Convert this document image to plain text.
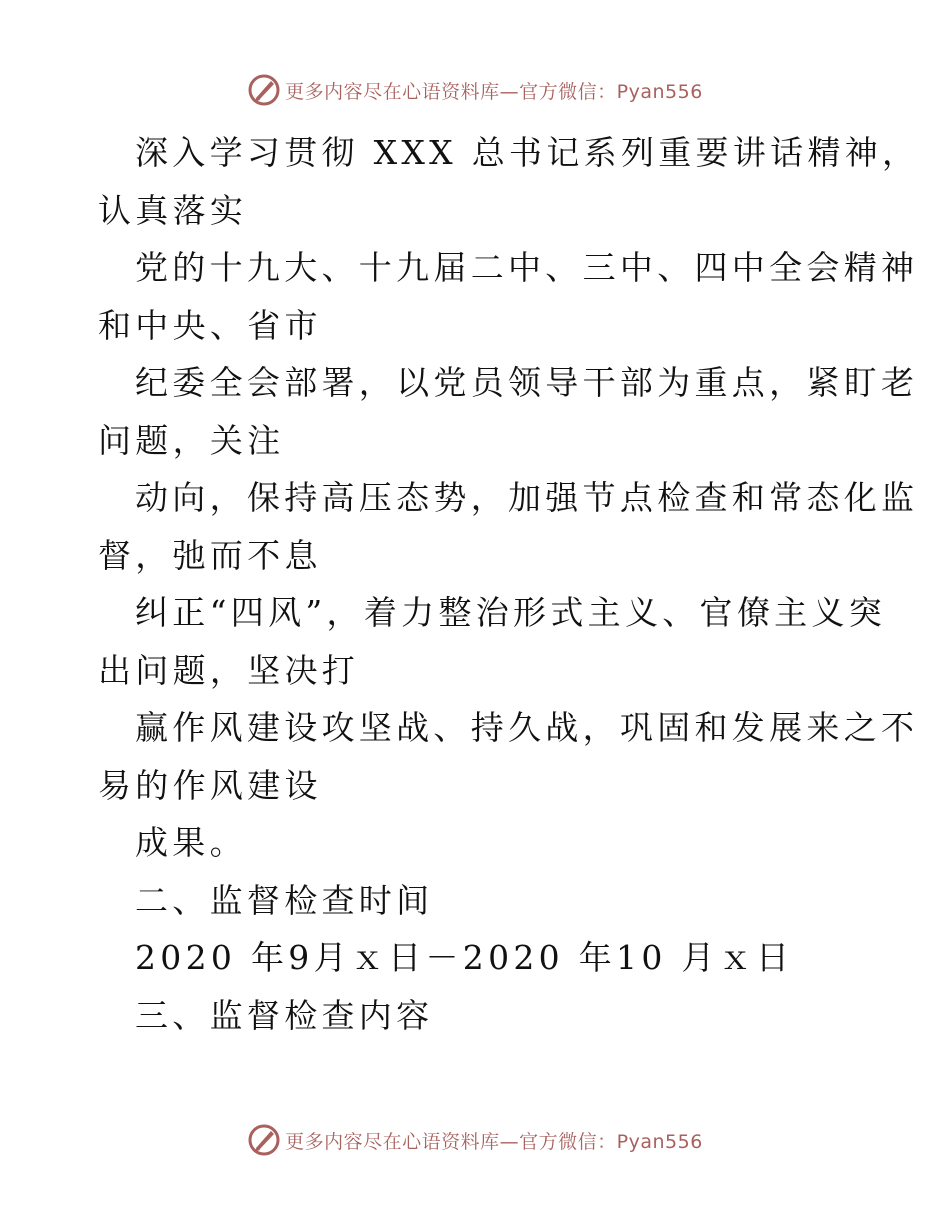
更多内容尽在心语资料库—官方微信：Pyan556
深入学习贯彻 XXX 总书记系列重要讲话精神，
认真落实
党的十九大、十九届二中、三中、四中全会精神
和中央、省市
纪委全会部署，以党员领导干部为重点，紧盯老
问题，关注
动向，保持高压态势，加强节点检查和常态化监
督，弛而不息
纠正“四风”，着力整治形式主义、官僚主义突
出问题，坚决打
赢作风建设攻坚战、持久战，巩固和发展来之不
易的作风建设
成果。
二、监督检查时间
2020 年9月ｘ日－2020 年10 月ｘ日
三、监督检查内容
更多内容尽在心语资料库—官方微信：Pyan556
